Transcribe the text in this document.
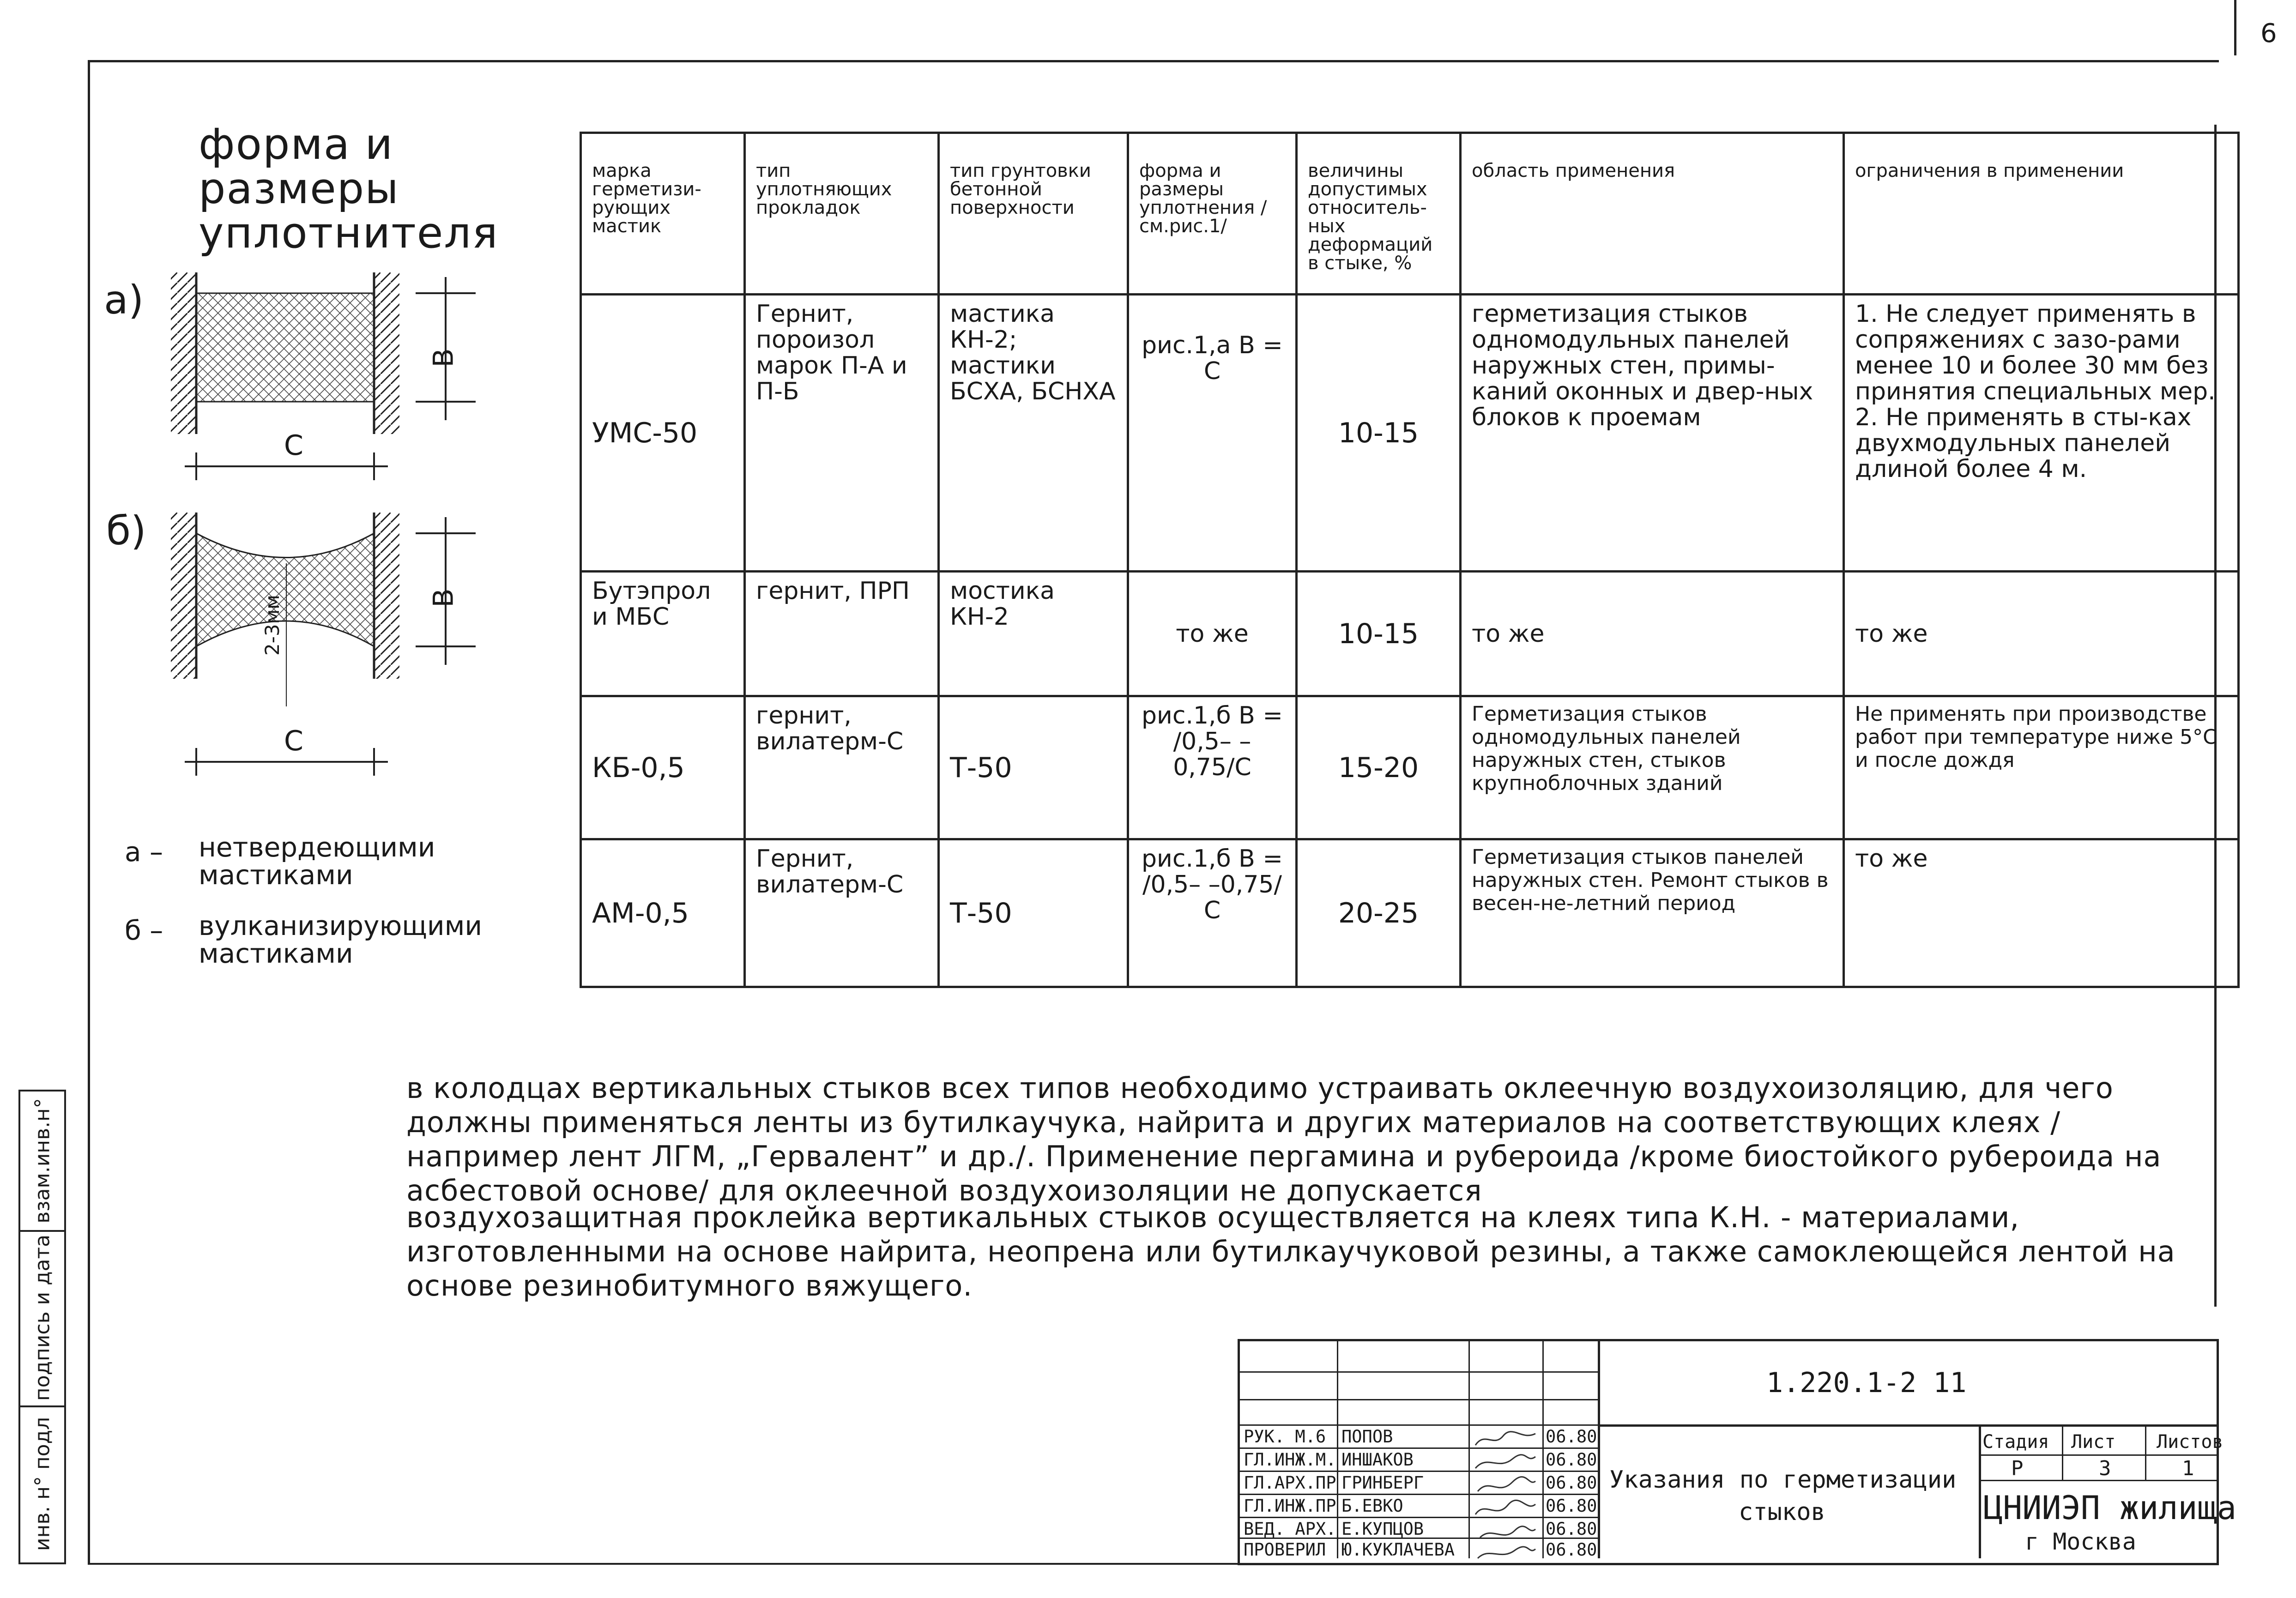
6
форма и
размеры
уплотнителя
а)
В
С
б)
В
2-3мм
С
а – нетвердеющими
мастиками
б – вулканизирующими
мастиками
марка герметизи-рующих мастик	тип уплотняющих прокладок	тип грунтовки бетонной поверхности	форма и размеры уплотнения /см.рис.1/	величины допустимых относитель-ных деформаций в стыке, %	область применения	ограничения в применении
УМС-50	Гернит, пороизол марок П-А и П-Б	мастика КН-2; мастики БСХА, БСНХА	рис.1,а В = С	10-15	герметизация стыков одномодульных панелей наружных стен, примы-каний оконных и двер-ных блоков к проемам	1. Не следует применять в сопряжениях с зазо-рами менее 10 и более 30 мм без принятия специальных мер.
2. Не применять в сты-ках двухмодульных панелей длиной более 4 м.

Бутэпрол и МБС	гернит, ПРП	мостика КН-2	то же	10-15	то же	то же

КБ-0,5	гернит, вилатерм-С	Т-50	рис.1,б В = /0,5– – 0,75/С	15-20	Герметизация стыков одномодульных панелей наружных стен, стыков крупноблочных зданий	Не применять при производстве работ при температуре ниже 5°С и после дождя

АМ-0,5	Гернит, вилатерм-С	Т-50	рис.1,б В = /0,5– –0,75/С	20-25	Герметизация стыков панелей наружных стен. Ремонт стыков в весен-не-летний период	то же
в колодцах вертикальных стыков всех типов необходимо устраивать оклеечную воздухоизоляцию, для чего должны применяться ленты из бутилкаучука, найрита и других материалов на соответствующих клеях /например лент ЛГМ, „Гервалент” и др./. Применение пергамина и рубероида /кроме биостойкого рубероида на асбестовой основе/ для оклеечной воздухоизоляции не допускается
воздухозащитная проклейка вертикальных стыков осуществляется на клеях типа К.Н. - материалами, изготовленными на основе найрита, неопрена или бутилкаучуковой резины, а также самоклеющейся лентой на основе резинобитумного вяжущего.
взам.инв.н°
подпись и дата
инв. н° подл
1.220.1-2 11
Указания по герметизации
стыков
Стадия Лист Листов
Р	3	1
ЦНИИЭП жилища
г Москва
РУК. М.6 ПОПОВ	06.80
ГЛ.ИНЖ.М. ИНШАКОВ	06.80
ГЛ.АРХ.ПР ГРИНБЕРГ	06.80
ГЛ.ИНЖ.ПР Б.ЕВКО	06.80
ВЕД. АРХ. Е.КУПЦОВ	06.80
ПРОВЕРИЛ Ю.КУКЛАЧЕВА	06.80
